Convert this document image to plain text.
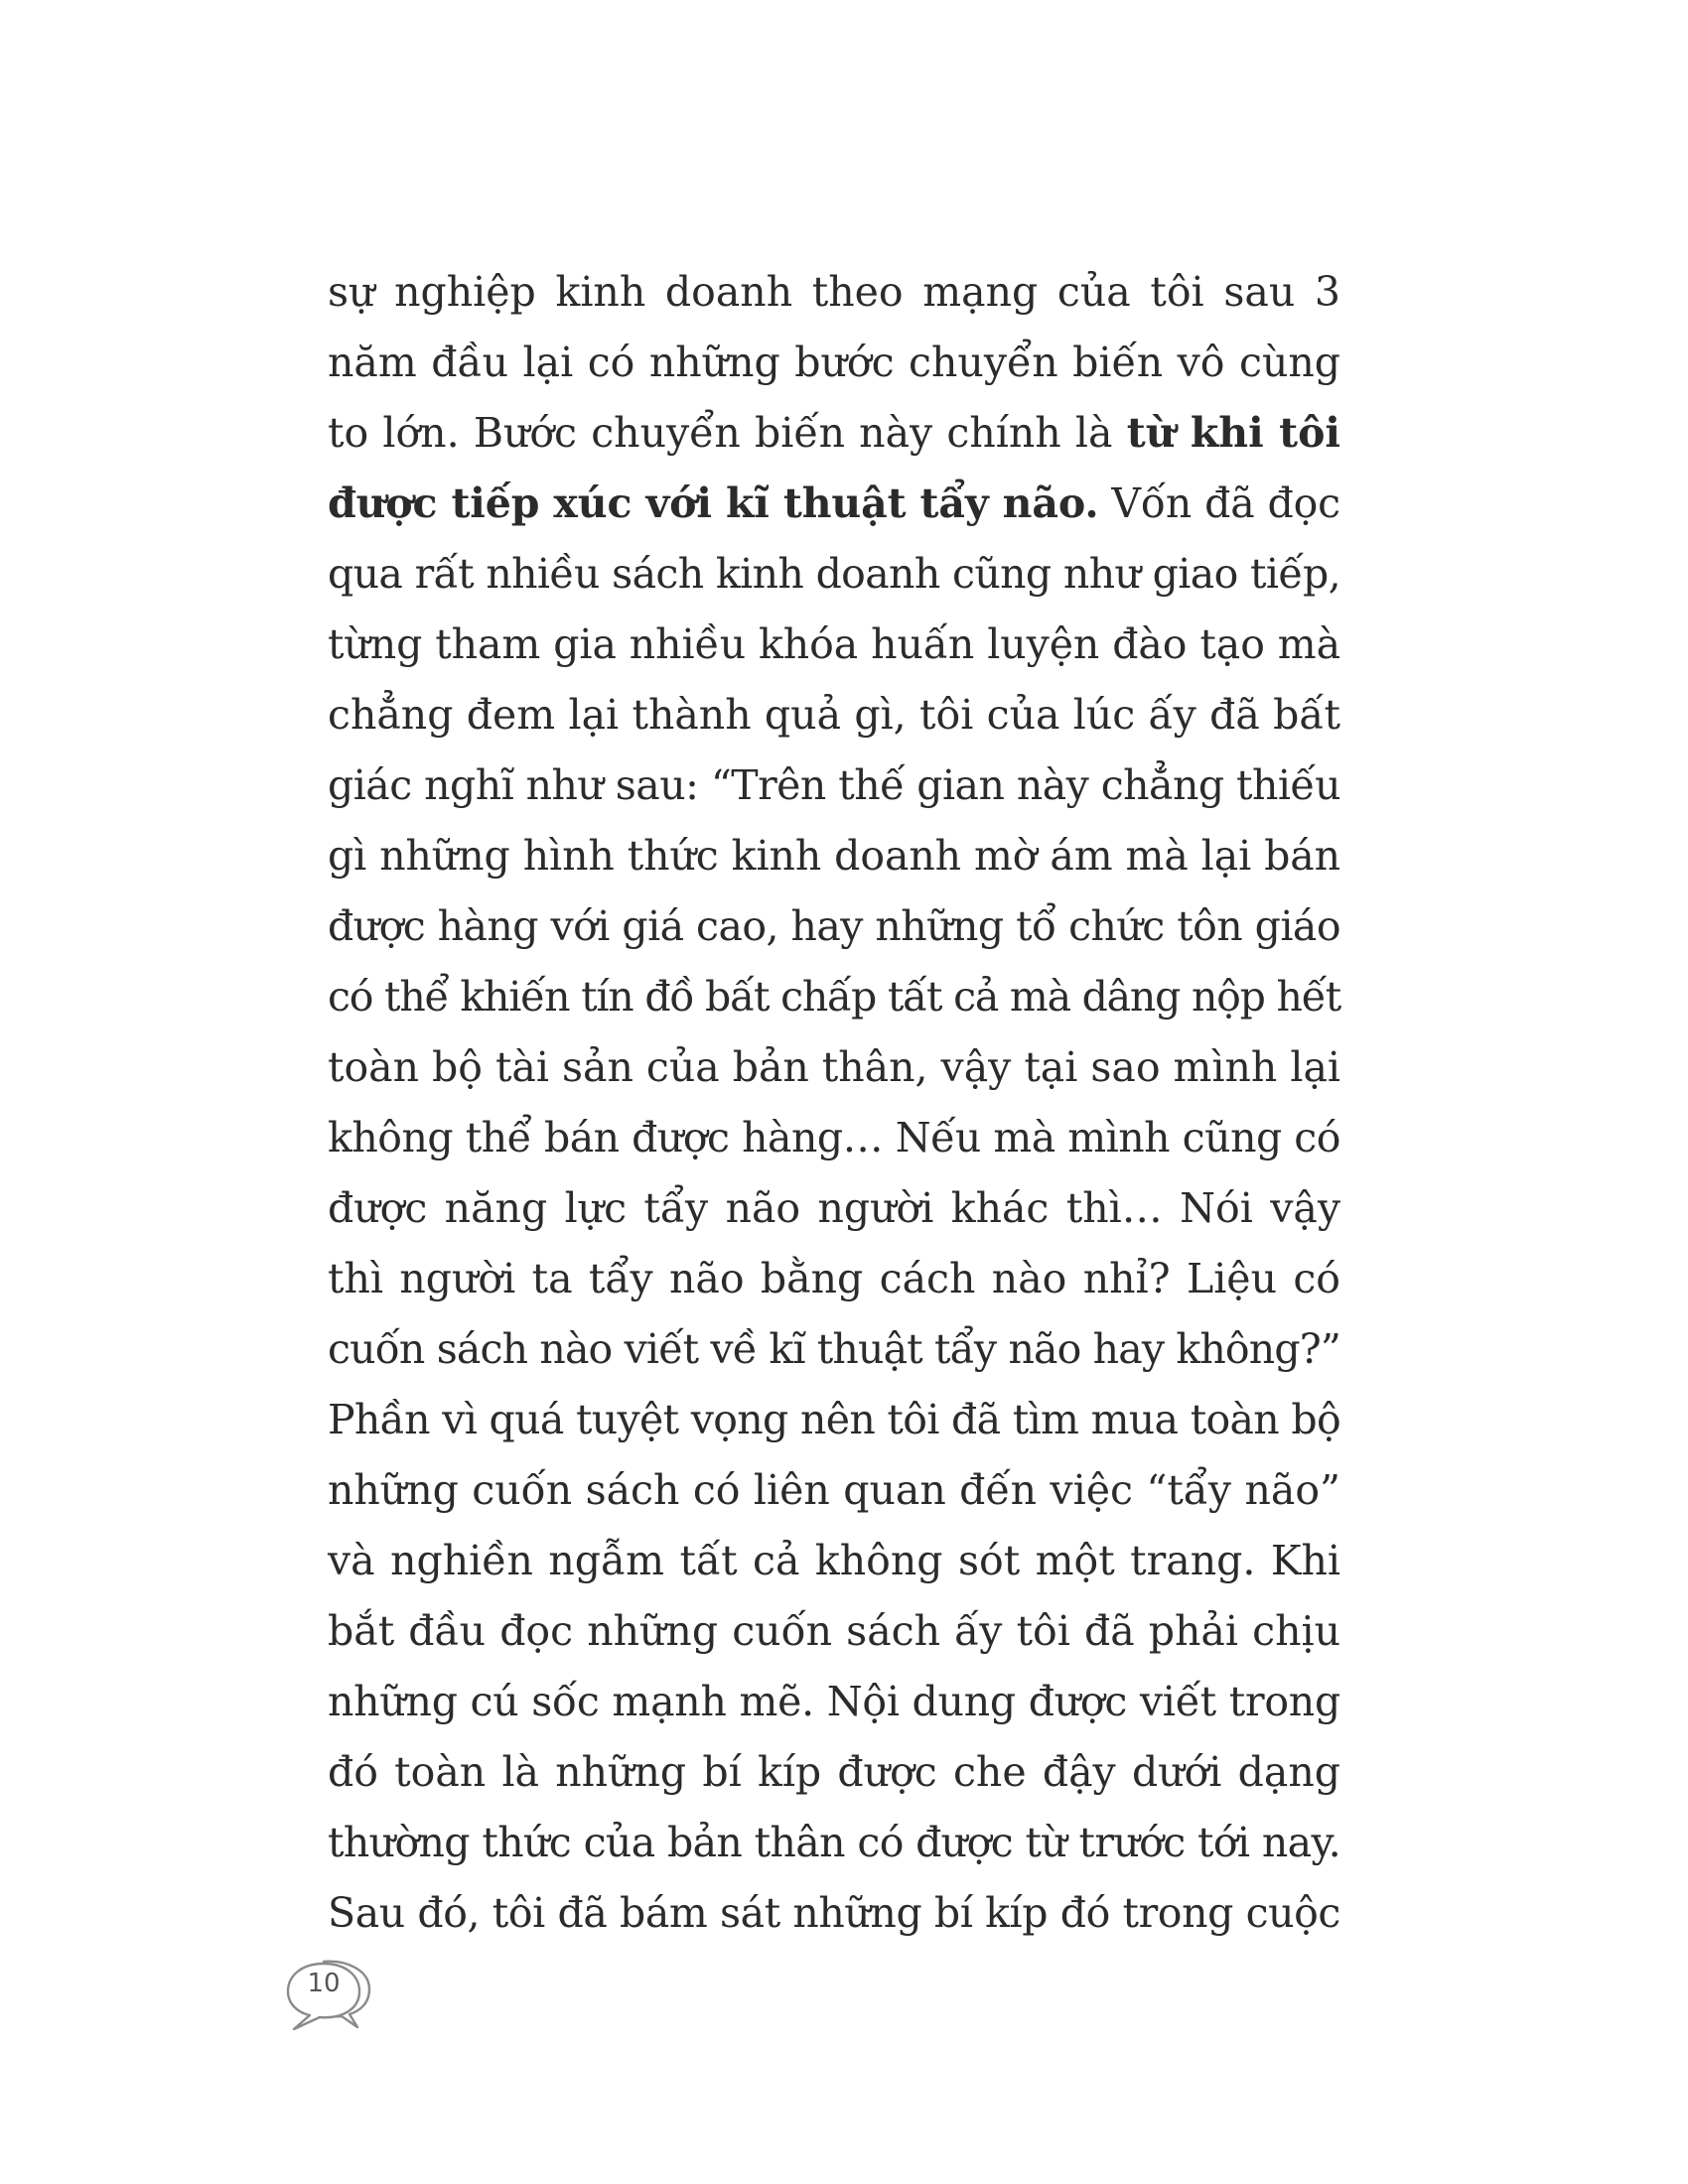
sự nghiệp kinh doanh theo mạng của tôi sau 3
năm đầu lại có những bước chuyển biến vô cùng
to lớn. Bước chuyển biến này chính là từ khi tôi
được tiếp xúc với kĩ thuật tẩy não. Vốn đã đọc
qua rất nhiều sách kinh doanh cũng như giao tiếp,
từng tham gia nhiều khóa huấn luyện đào tạo mà
chẳng đem lại thành quả gì, tôi của lúc ấy đã bất
giác nghĩ như sau: “Trên thế gian này chẳng thiếu
gì những hình thức kinh doanh mờ ám mà lại bán
được hàng với giá cao, hay những tổ chức tôn giáo
có thể khiến tín đồ bất chấp tất cả mà dâng nộp hết
toàn bộ tài sản của bản thân, vậy tại sao mình lại
không thể bán được hàng… Nếu mà mình cũng có
được năng lực tẩy não người khác thì… Nói vậy
thì người ta tẩy não bằng cách nào nhỉ? Liệu có
cuốn sách nào viết về kĩ thuật tẩy não hay không?”
Phần vì quá tuyệt vọng nên tôi đã tìm mua toàn bộ
những cuốn sách có liên quan đến việc “tẩy não”
và nghiền ngẫm tất cả không sót một trang. Khi
bắt đầu đọc những cuốn sách ấy tôi đã phải chịu
những cú sốc mạnh mẽ. Nội dung được viết trong
đó toàn là những bí kíp được che đậy dưới dạng
thường thức của bản thân có được từ trước tới nay.
Sau đó, tôi đã bám sát những bí kíp đó trong cuộc
10
